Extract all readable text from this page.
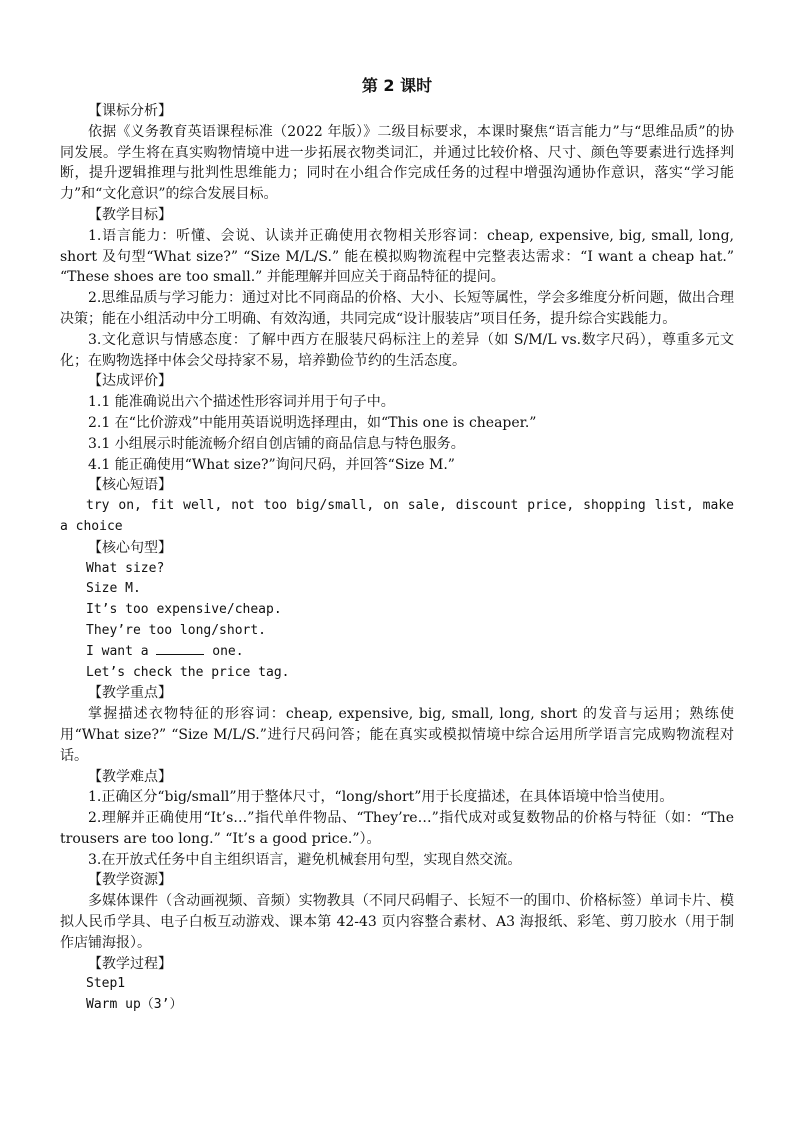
第 2 课时

【课标分析】

依据《义务教育英语课程标准（2022 年版）》二级目标要求，本课时聚焦“语言能力”与“思维品质”的协同发展。学生将在真实购物情境中进一步拓展衣物类词汇，并通过比较价格、尺寸、颜色等要素进行选择判断，提升逻辑推理与批判性思维能力；同时在小组合作完成任务的过程中增强沟通协作意识，落实“学习能力”和“文化意识”的综合发展目标。

【教学目标】

1.语言能力：听懂、会说、认读并正确使用衣物相关形容词：cheap, expensive, big, small, long, short 及句型“What size?” “Size M/L/S.” 能在模拟购物流程中完整表达需求：“I want a cheap hat.” “These shoes are too small.” 并能理解并回应关于商品特征的提问。

2.思维品质与学习能力：通过对比不同商品的价格、大小、长短等属性，学会多维度分析问题，做出合理决策；能在小组活动中分工明确、有效沟通，共同完成“设计服装店”项目任务，提升综合实践能力。

3.文化意识与情感态度：了解中西方在服装尺码标注上的差异（如 S/M/L vs.数字尺码），尊重多元文化；在购物选择中体会父母持家不易，培养勤俭节约的生活态度。

【达成评价】

1.1 能准确说出六个描述性形容词并用于句子中。

2.1 在“比价游戏”中能用英语说明选择理由，如“This one is cheaper.”

3.1 小组展示时能流畅介绍自创店铺的商品信息与特色服务。

4.1 能正确使用“What size?”询问尺码，并回答“Size M.”

【核心短语】

try on, fit well, not too big/small, on sale, discount price, shopping list, make a choice

【核心句型】

What size?

Size M.

It’s too expensive/cheap.

They’re too long/short.

I want a	one.

Let’s check the price tag.

【教学重点】

掌握描述衣物特征的形容词：cheap, expensive, big, small, long, short 的发音与运用；熟练使用“What size?” “Size M/L/S.”进行尺码问答；能在真实或模拟情境中综合运用所学语言完成购物流程对话。

【教学难点】

1.正确区分“big/small”用于整体尺寸，“long/short”用于长度描述，在具体语境中恰当使用。

2.理解并正确使用“It’s…”指代单件物品、“They’re…”指代成对或复数物品的价格与特征（如：“The trousers are too long.” “It’s a good price.”）。

3.在开放式任务中自主组织语言，避免机械套用句型，实现自然交流。

【教学资源】

多媒体课件（含动画视频、音频）实物教具（不同尺码帽子、长短不一的围巾、价格标签）单词卡片、模拟人民币学具、电子白板互动游戏、课本第 42-43 页内容整合素材、A3 海报纸、彩笔、剪刀胶水（用于制作店铺海报）。

【教学过程】

Step1

Warm up（3’）
